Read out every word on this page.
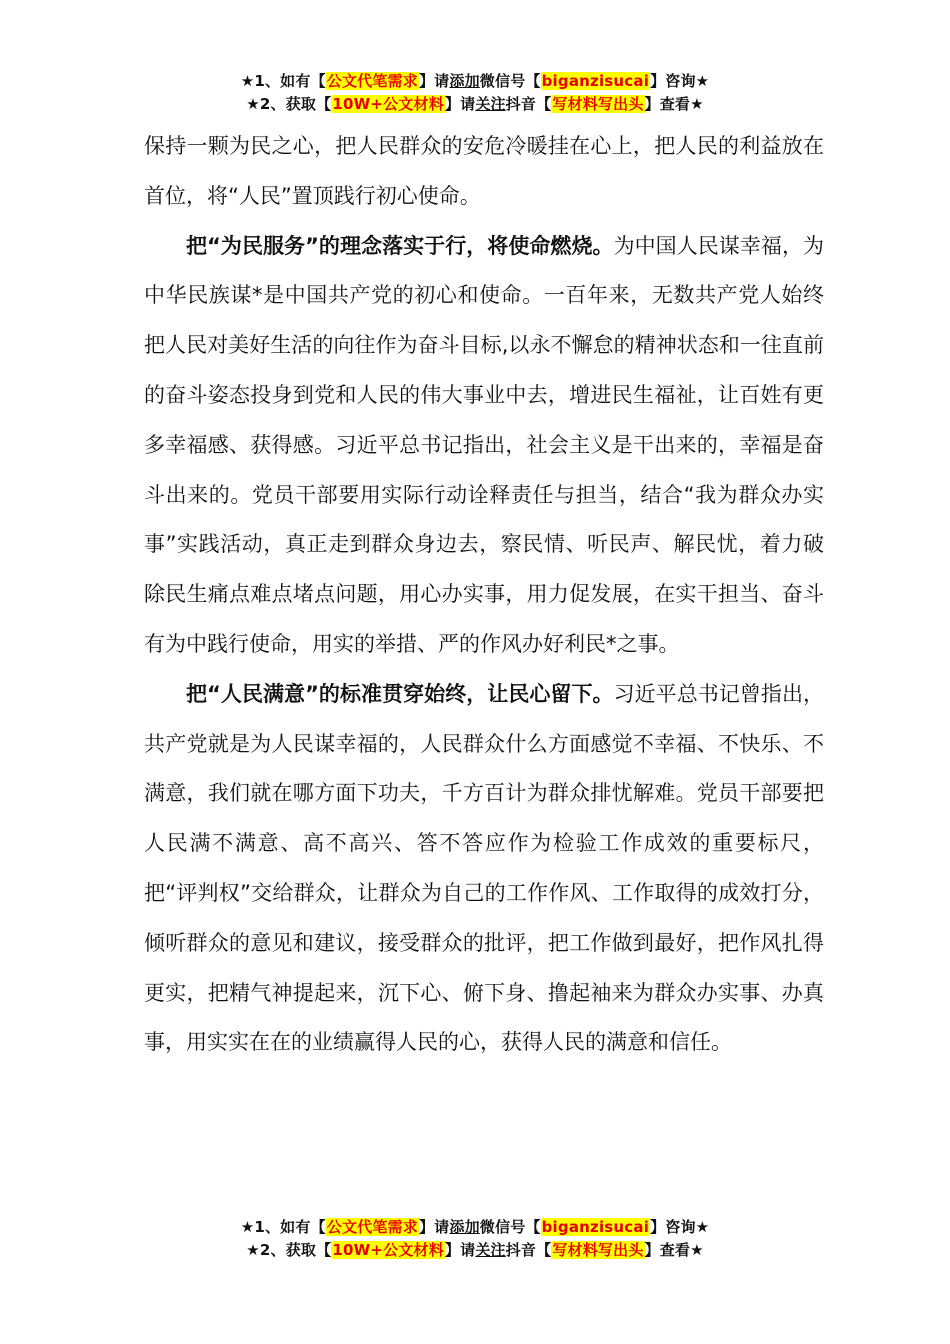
★1、如有【公文代笔需求】请添加微信号【biganzisucai】咨询★
★2、获取【10W+公文材料】请关注抖音【写材料写出头】查看★

保持一颗为民之心，把人民群众的安危冷暖挂在心上，把人民的利益放在首位，将“人民”置顶践行初心使命。

把“为民服务”的理念落实于行，将使命燃烧。为中国人民谋幸福，为中华民族谋*是中国共产党的初心和使命。一百年来，无数共产党人始终把人民对美好生活的向往作为奋斗目标,以永不懈怠的精神状态和一往直前的奋斗姿态投身到党和人民的伟大事业中去，增进民生福祉，让百姓有更多幸福感、获得感。习近平总书记指出，社会主义是干出来的，幸福是奋斗出来的。党员干部要用实际行动诠释责任与担当，结合“我为群众办实事”实践活动，真正走到群众身边去，察民情、听民声、解民忧，着力破除民生痛点难点堵点问题，用心办实事，用力促发展，在实干担当、奋斗有为中践行使命，用实的举措、严的作风办好利民*之事。

把“人民满意”的标准贯穿始终，让民心留下。习近平总书记曾指出，共产党就是为人民谋幸福的，人民群众什么方面感觉不幸福、不快乐、不满意，我们就在哪方面下功夫，千方百计为群众排忧解难。党员干部要把人民满不满意、高不高兴、答不答应作为检验工作成效的重要标尺，把“评判权”交给群众，让群众为自己的工作作风、工作取得的成效打分，倾听群众的意见和建议，接受群众的批评，把工作做到最好，把作风扎得更实，把精气神提起来，沉下心、俯下身、撸起袖来为群众办实事、办真事，用实实在在的业绩赢得人民的心，获得人民的满意和信任。

★1、如有【公文代笔需求】请添加微信号【biganzisucai】咨询★
★2、获取【10W+公文材料】请关注抖音【写材料写出头】查看★
